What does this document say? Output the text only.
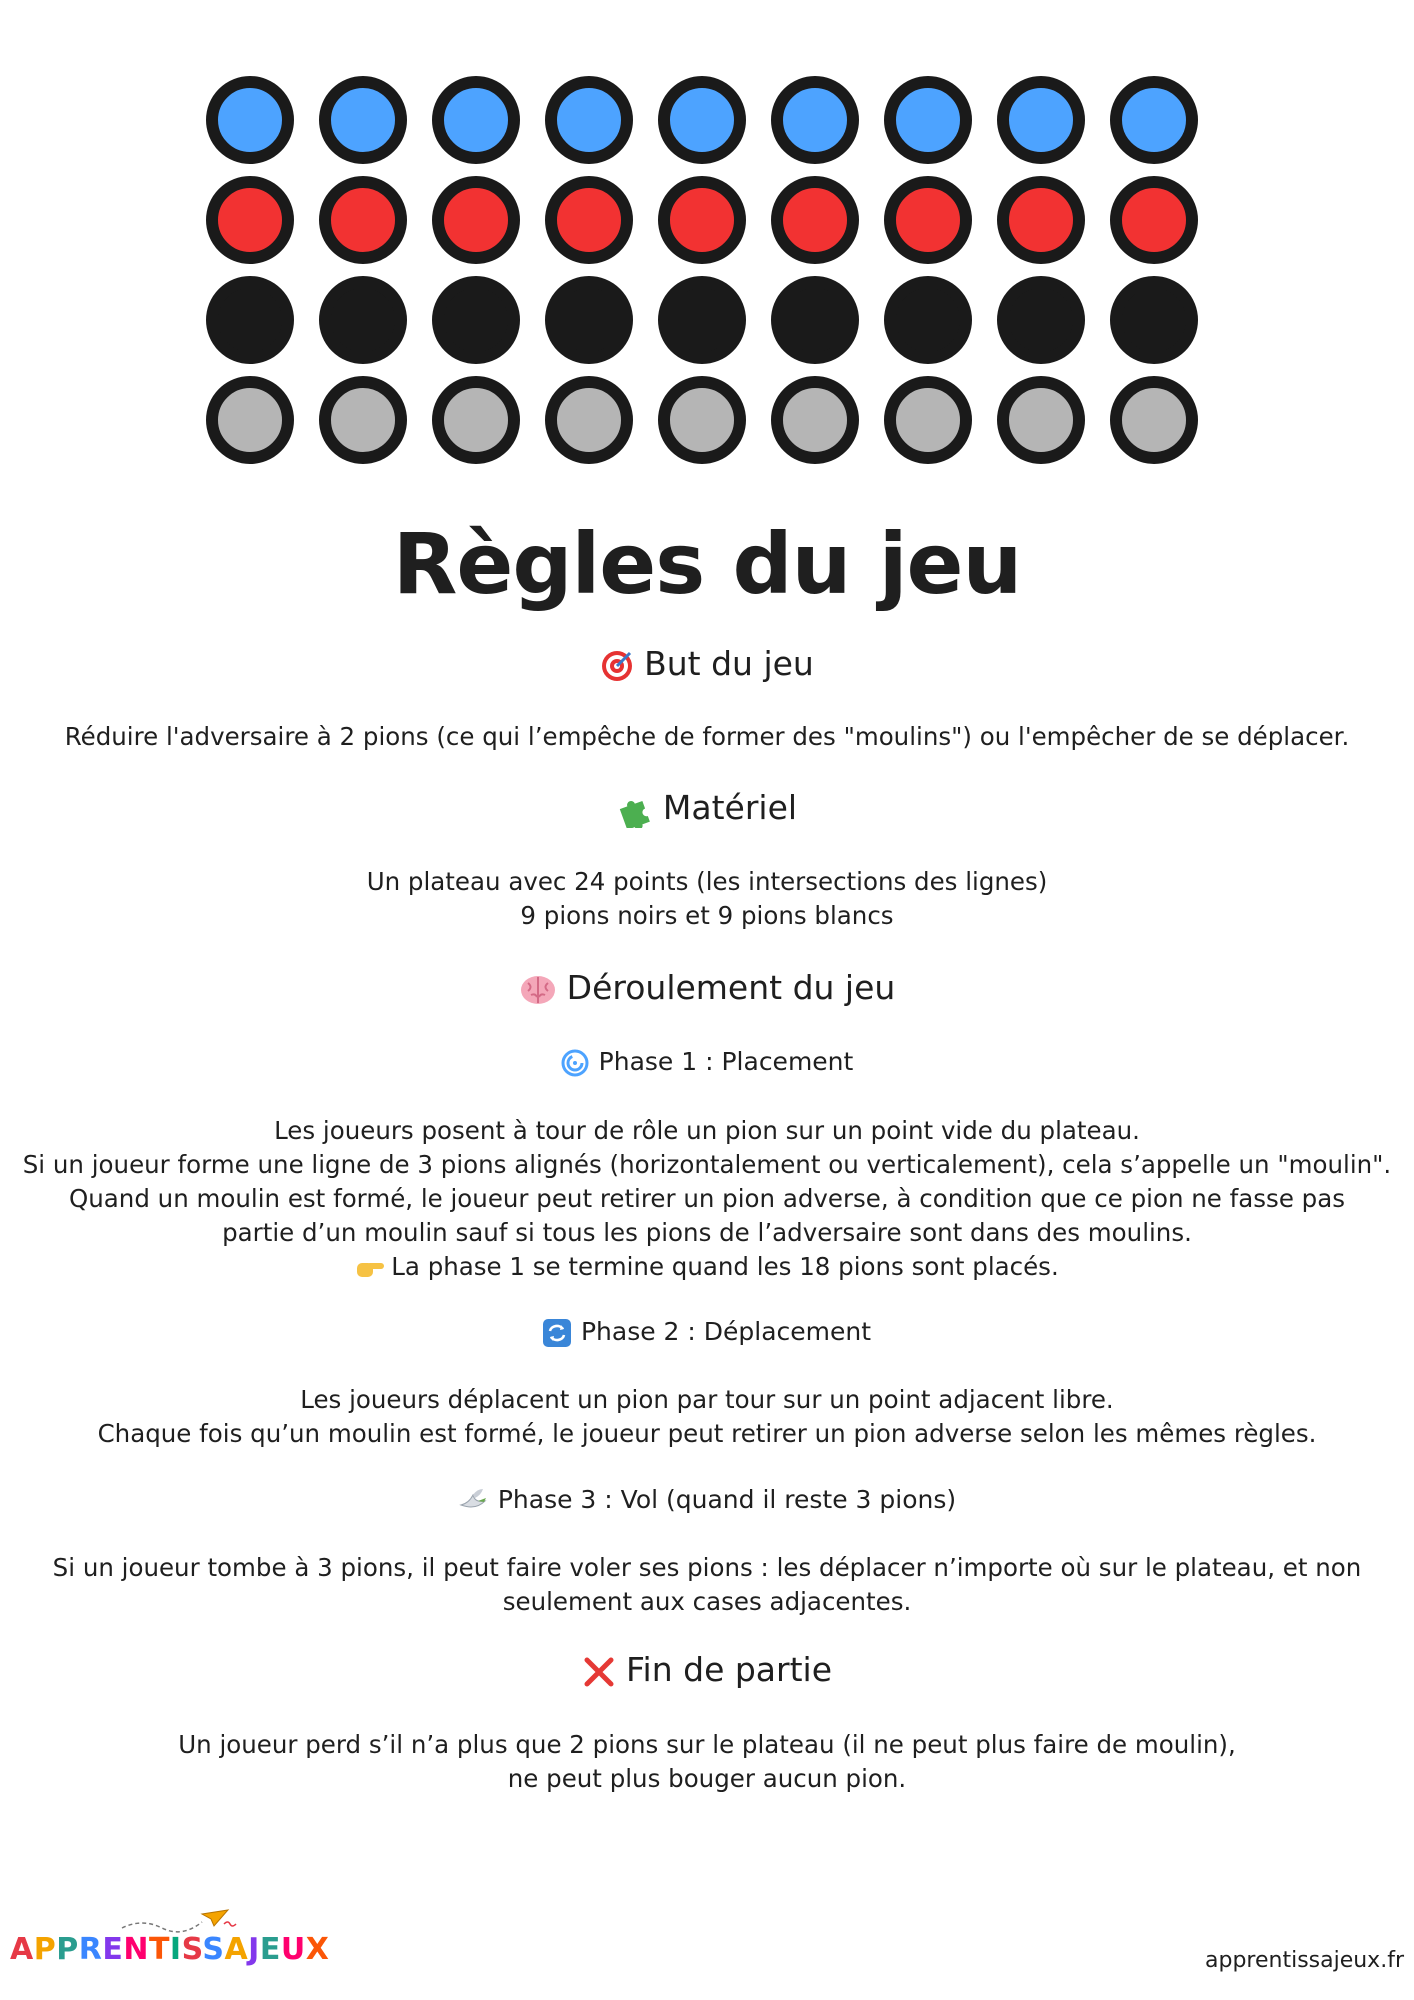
Règles du jeu
But du jeu

Réduire l'adversaire à 2 pions (ce qui l’empêche de former des "moulins") ou l'empêcher de se déplacer.

Matériel
Un plateau avec 24 points (les intersections des lignes)
9 pions noirs et 9 pions blancs
Déroulement du jeu
Phase 1 : Placement
Les joueurs posent à tour de rôle un pion sur un point vide du plateau.
Si un joueur forme une ligne de 3 pions alignés (horizontalement ou verticalement), cela s’appelle un "moulin".
Quand un moulin est formé, le joueur peut retirer un pion adverse, à condition que ce pion ne fasse pas
partie d’un moulin sauf si tous les pions de l’adversaire sont dans des moulins.
La phase 1 se termine quand les 18 pions sont placés.
Phase 2 : Déplacement
Les joueurs déplacent un pion par tour sur un point adjacent libre.
Chaque fois qu’un moulin est formé, le joueur peut retirer un pion adverse selon les mêmes règles.
Phase 3 : Vol (quand il reste 3 pions)
Si un joueur tombe à 3 pions, il peut faire voler ses pions : les déplacer n’importe où sur le plateau, et non
seulement aux cases adjacentes.
Fin de partie
Un joueur perd s’il n’a plus que 2 pions sur le plateau (il ne peut plus faire de moulin),
ne peut plus bouger aucun pion.
APPRENTISSAJEUX	apprentissajeux.fr
